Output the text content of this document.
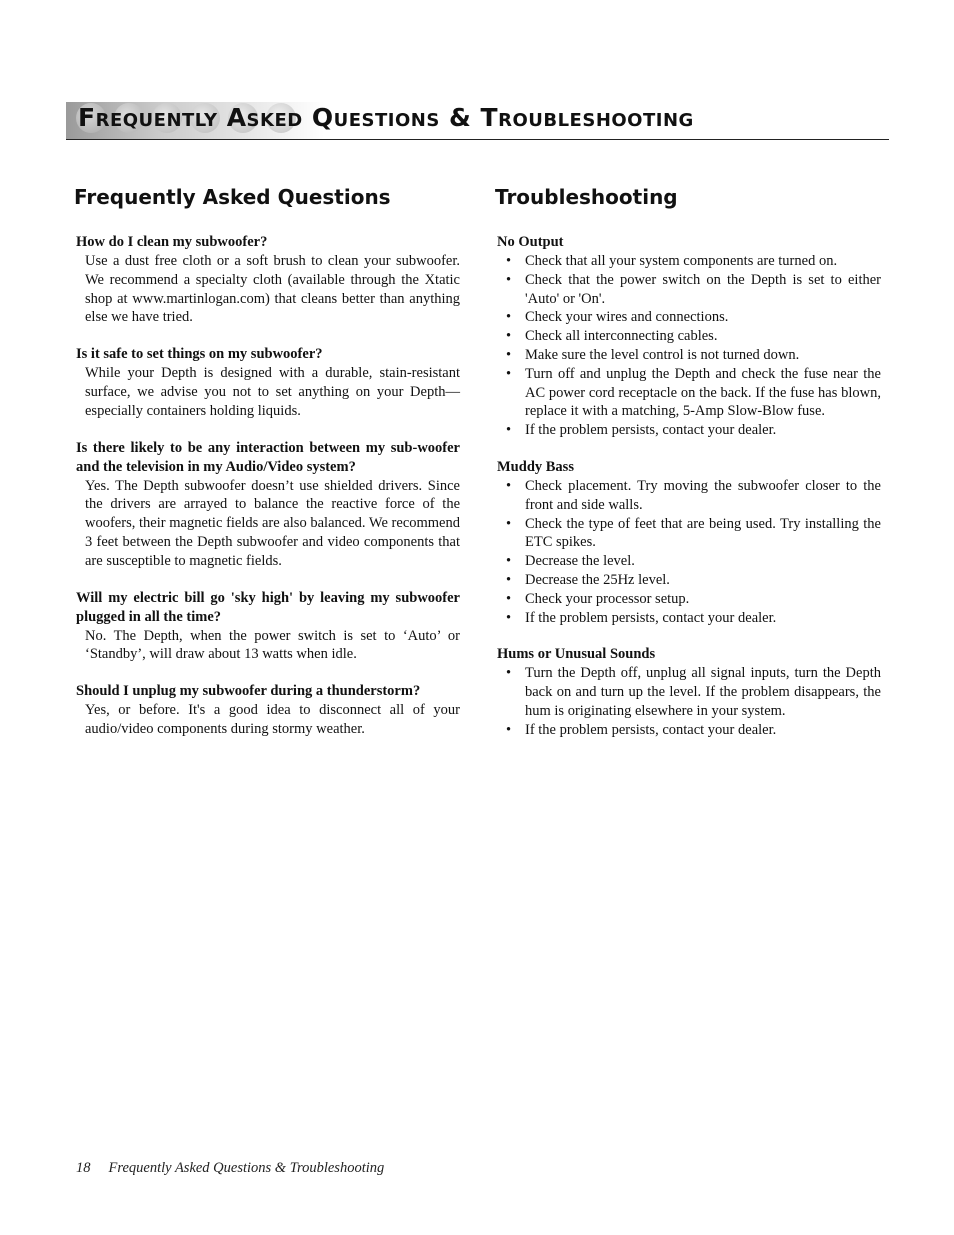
Frequently Asked Questions & Troubleshooting
Frequently Asked Questions
How do I clean my subwoofer?
Use a dust free cloth or a soft brush to clean your subwoofer. We recommend a specialty cloth (available through the Xtatic shop at www.martinlogan.com) that cleans better than anything else we have tried.
Is it safe to set things on my subwoofer?
While your Depth is designed with a durable, stain-resistant surface, we advise you not to set anything on your Depth—especially containers holding liquids.
Is there likely to be any interaction between my sub-woofer and the television in my Audio/Video system?
Yes. The Depth subwoofer doesn’t use shielded drivers. Since the drivers are arrayed to balance the reactive force of the woofers, their magnetic fields are also balanced. We recommend 3 feet between the Depth subwoofer and video components that are susceptible to magnetic fields.
Will my electric bill go 'sky high' by leaving my subwoofer plugged in all the time?
No. The Depth, when the power switch is set to ‘Auto’ or ‘Standby’, will draw about 13 watts when idle.
Should I unplug my subwoofer during a thunderstorm?
Yes, or before. It's a good idea to disconnect all of your audio/video components during stormy weather.
Troubleshooting
No Output
• Check that all your system components are turned on.
• Check that the power switch on the Depth is set to either 'Auto' or 'On'.
• Check your wires and connections.
• Check all interconnecting cables.
• Make sure the level control is not turned down.
• Turn off and unplug the Depth and check the fuse near the AC power cord receptacle on the back. If the fuse has blown, replace it with a matching, 5-Amp Slow-Blow fuse.
• If the problem persists, contact your dealer.
Muddy Bass
• Check placement. Try moving the subwoofer closer to the front and side walls.
• Check the type of feet that are being used. Try installing the ETC spikes.
• Decrease the level.
• Decrease the 25Hz level.
• Check your processor setup.
• If the problem persists, contact your dealer.
Hums or Unusual Sounds
• Turn the Depth off, unplug all signal inputs, turn the Depth back on and turn up the level. If the problem disappears, the hum is originating elsewhere in your system.
• If the problem persists, contact your dealer.
18 Frequently Asked Questions & Troubleshooting
